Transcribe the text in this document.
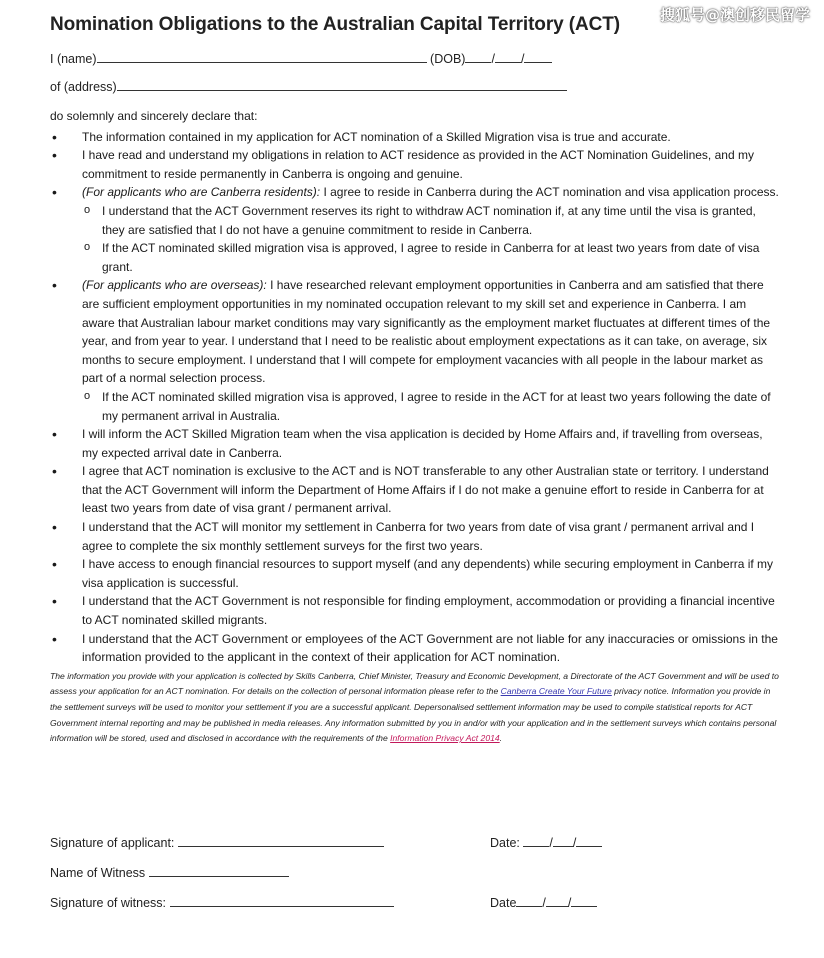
搜狐号@澳创移民留学
Nomination Obligations to the Australian Capital Territory (ACT)
I (name)	(DOB) / /
of (address)
do solemnly and sincerely declare that:
• The information contained in my application for ACT nomination of a Skilled Migration visa is true and accurate.
• I have read and understand my obligations in relation to ACT residence as provided in the ACT Nomination Guidelines, and my commitment to reside permanently in Canberra is ongoing and genuine.
• (For applicants who are Canberra residents): I agree to reside in Canberra during the ACT nomination and visa application process.
o I understand that the ACT Government reserves its right to withdraw ACT nomination if, at any time until the visa is granted, they are satisfied that I do not have a genuine commitment to reside in Canberra.
o If the ACT nominated skilled migration visa is approved, I agree to reside in Canberra for at least two years from date of visa grant.
• (For applicants who are overseas): I have researched relevant employment opportunities in Canberra and am satisfied that there are sufficient employment opportunities in my nominated occupation relevant to my skill set and experience in Canberra. I am aware that Australian labour market conditions may vary significantly as the employment market fluctuates at different times of the year, and from year to year. I understand that I need to be realistic about employment expectations as it can take, on average, six months to secure employment. I understand that I will compete for employment vacancies with all people in the labour market as part of a normal selection process.
o If the ACT nominated skilled migration visa is approved, I agree to reside in the ACT for at least two years following the date of my permanent arrival in Australia.
• I will inform the ACT Skilled Migration team when the visa application is decided by Home Affairs and, if travelling from overseas, my expected arrival date in Canberra.
• I agree that ACT nomination is exclusive to the ACT and is NOT transferable to any other Australian state or territory. I understand that the ACT Government will inform the Department of Home Affairs if I do not make a genuine effort to reside in Canberra for at least two years from date of visa grant / permanent arrival.
• I understand that the ACT will monitor my settlement in Canberra for two years from date of visa grant / permanent arrival and I agree to complete the six monthly settlement surveys for the first two years.
• I have access to enough financial resources to support myself (and any dependents) while securing employment in Canberra if my visa application is successful.
• I understand that the ACT Government is not responsible for finding employment, accommodation or providing a financial incentive to ACT nominated skilled migrants.
• I understand that the ACT Government or employees of the ACT Government are not liable for any inaccuracies or omissions in the information provided to the applicant in the context of their application for ACT nomination.
The information you provide with your application is collected by Skills Canberra, Chief Minister, Treasury and Economic Development, a Directorate of the ACT Government and will be used to assess your application for an ACT nomination. For details on the collection of personal information please refer to the Canberra Create Your Future privacy notice. Information you provide in the settlement surveys will be used to monitor your settlement if you are a successful applicant. Depersonalised settlement information may be used to compile statistical reports for ACT Government internal reporting and may be published in media releases. Any information submitted by you in and/or with your application and in the settlement surveys which contains personal information will be stored, used and disclosed in accordance with the requirements of the Information Privacy Act 2014.
Signature of applicant:	Date: / /
Name of Witness
Signature of witness:	Date / /
